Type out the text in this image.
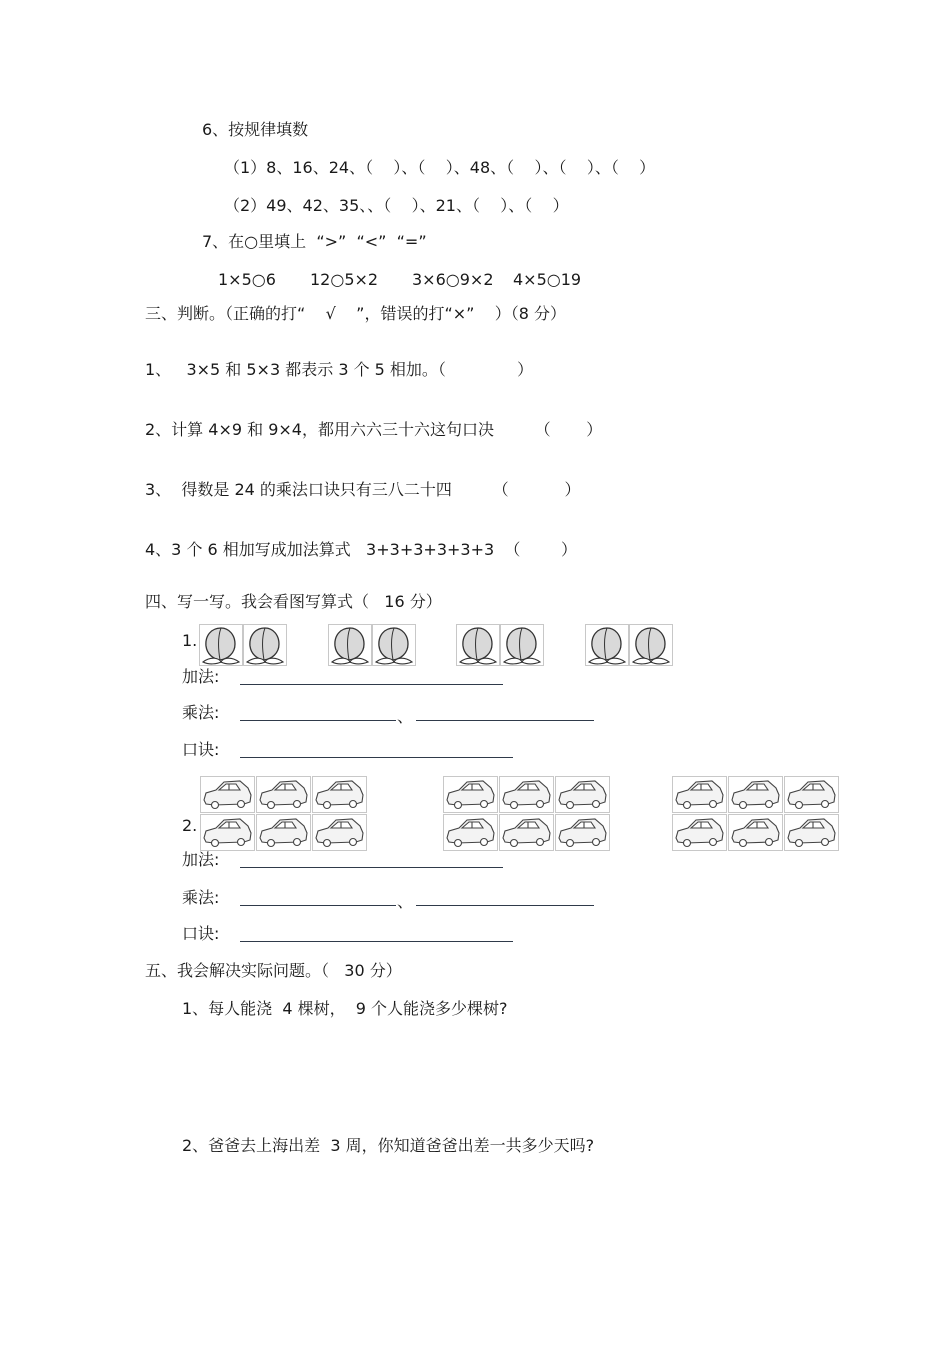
6、按规律填数
（1）8、16、24、（    ）、（    ）、48、（    ）、（    ）、（    ）
（2）49、42、35、、（    ）、21、（    ）、（    ）
7、在○里填上  “>”  “<”  “=”
1×5○6 12○5×2 3×6○9×2 4×5○19
三、判断。（正确的打“    √    ”，错误的打“×”    ）（8 分）
1、   3×5 和 5×3 都表示 3 个 5 相加。（              ）
2、计算 4×9 和 9×4，都用六六三十六这句口决        （       ）
3、  得数是 24 的乘法口诀只有三八二十四        （           ）
4、3 个 6 相加写成加法算式   3+3+3+3+3+3  （        ）
四、写一写。我会看图写算式（   16 分）
1.
加法:
乘法:	、
口诀:
2.
加法:
乘法:	、
口诀:
五、我会解决实际问题。（   30 分）
1、每人能浇  4 棵树，  9 个人能浇多少棵树?
2、爸爸去上海出差  3 周，你知道爸爸出差一共多少天吗?
